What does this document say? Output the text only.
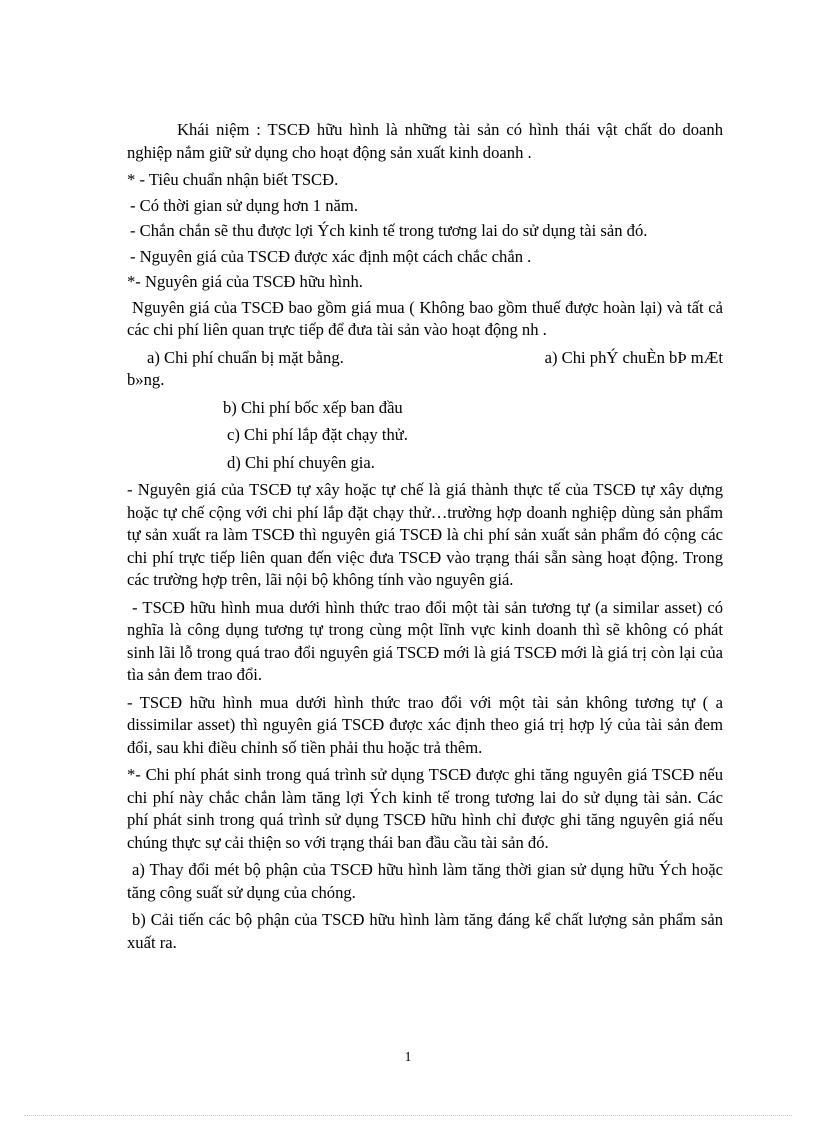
Khái niệm : TSCĐ hữu hình là những tài sản có hình thái vật chất do doanh nghiệp nắm giữ sử dụng cho hoạt động sản xuất kinh doanh .

* - Tiêu chuẩn nhận biết TSCĐ.

- Có thời gian sử dụng hơn 1 năm.

- Chắn chắn sẽ thu được lợi Ých kinh tế trong tương lai do sử dụng tài sản đó.

- Nguyên giá của TSCĐ được xác định một cách chắc chắn .

*- Nguyên giá của TSCĐ hữu hình.

Nguyên giá của TSCĐ bao gồm giá mua ( Không bao gồm thuế được hoàn lại) và tất cả các chi phí liên quan trực tiếp để đưa tài sản vào hoạt động nh .

a) Chi phí chuẩn bị mặt bằng.	a) Chi phÝ chuÈn bÞ mÆt

b»ng.

b) Chi phí bốc xếp ban đầu

c) Chi phí lắp đặt chạy thử.

d) Chi phí chuyên gia.

- Nguyên giá của TSCĐ tự xây hoặc tự chế là giá thành thực tế của TSCĐ tự xây dựng hoặc tự chế cộng với chi phí lắp đặt chạy thử…trường hợp doanh nghiệp dùng sản phẩm tự sản xuất ra làm TSCĐ thì nguyên giá TSCĐ là chi phí sản xuất sản phẩm đó cộng các chi phí trực tiếp liên quan đến việc đưa TSCĐ vào trạng thái sẵn sàng hoạt động. Trong các trường hợp trên, lãi nội bộ không tính vào nguyên giá.

- TSCĐ hữu hình mua dưới hình thức trao đổi một tài sản tương tự (a similar asset) có nghĩa là công dụng tương tự trong cùng một lĩnh vực kinh doanh thì sẽ không có phát sinh lãi lỗ trong quá trao đổi nguyên giá TSCĐ mới là giá TSCĐ mới là giá trị còn lại của tìa sản đem trao đổi.

- TSCĐ hữu hình mua dưới hình thức trao đổi với một tài sản không tương tự ( a dissimilar asset) thì nguyên giá TSCĐ được xác định theo giá trị hợp lý của tài sản đem đổi, sau khi điều chỉnh số tiền phải thu hoặc trả thêm.

*- Chi phí phát sinh trong quá trình sử dụng TSCĐ được ghi tăng nguyên giá TSCĐ nếu chi phí này chắc chắn làm tăng lợi Ých kinh tế trong tương lai do sử dụng tài sản. Các phí phát sinh trong quá trình sử dụng TSCĐ hữu hình chỉ được ghi tăng nguyên giá nếu chúng thực sự cải thiện so với trạng thái ban đầu cầu tài sản đó.

a) Thay đổi mét bộ phận của TSCĐ hữu hình làm tăng thời gian sử dụng hữu Ých hoặc tăng công suất sử dụng của chóng.

b) Cải tiến các bộ phận của TSCĐ hữu hình làm tăng đáng kể chất lượng sản phẩm sản xuất ra.

1
